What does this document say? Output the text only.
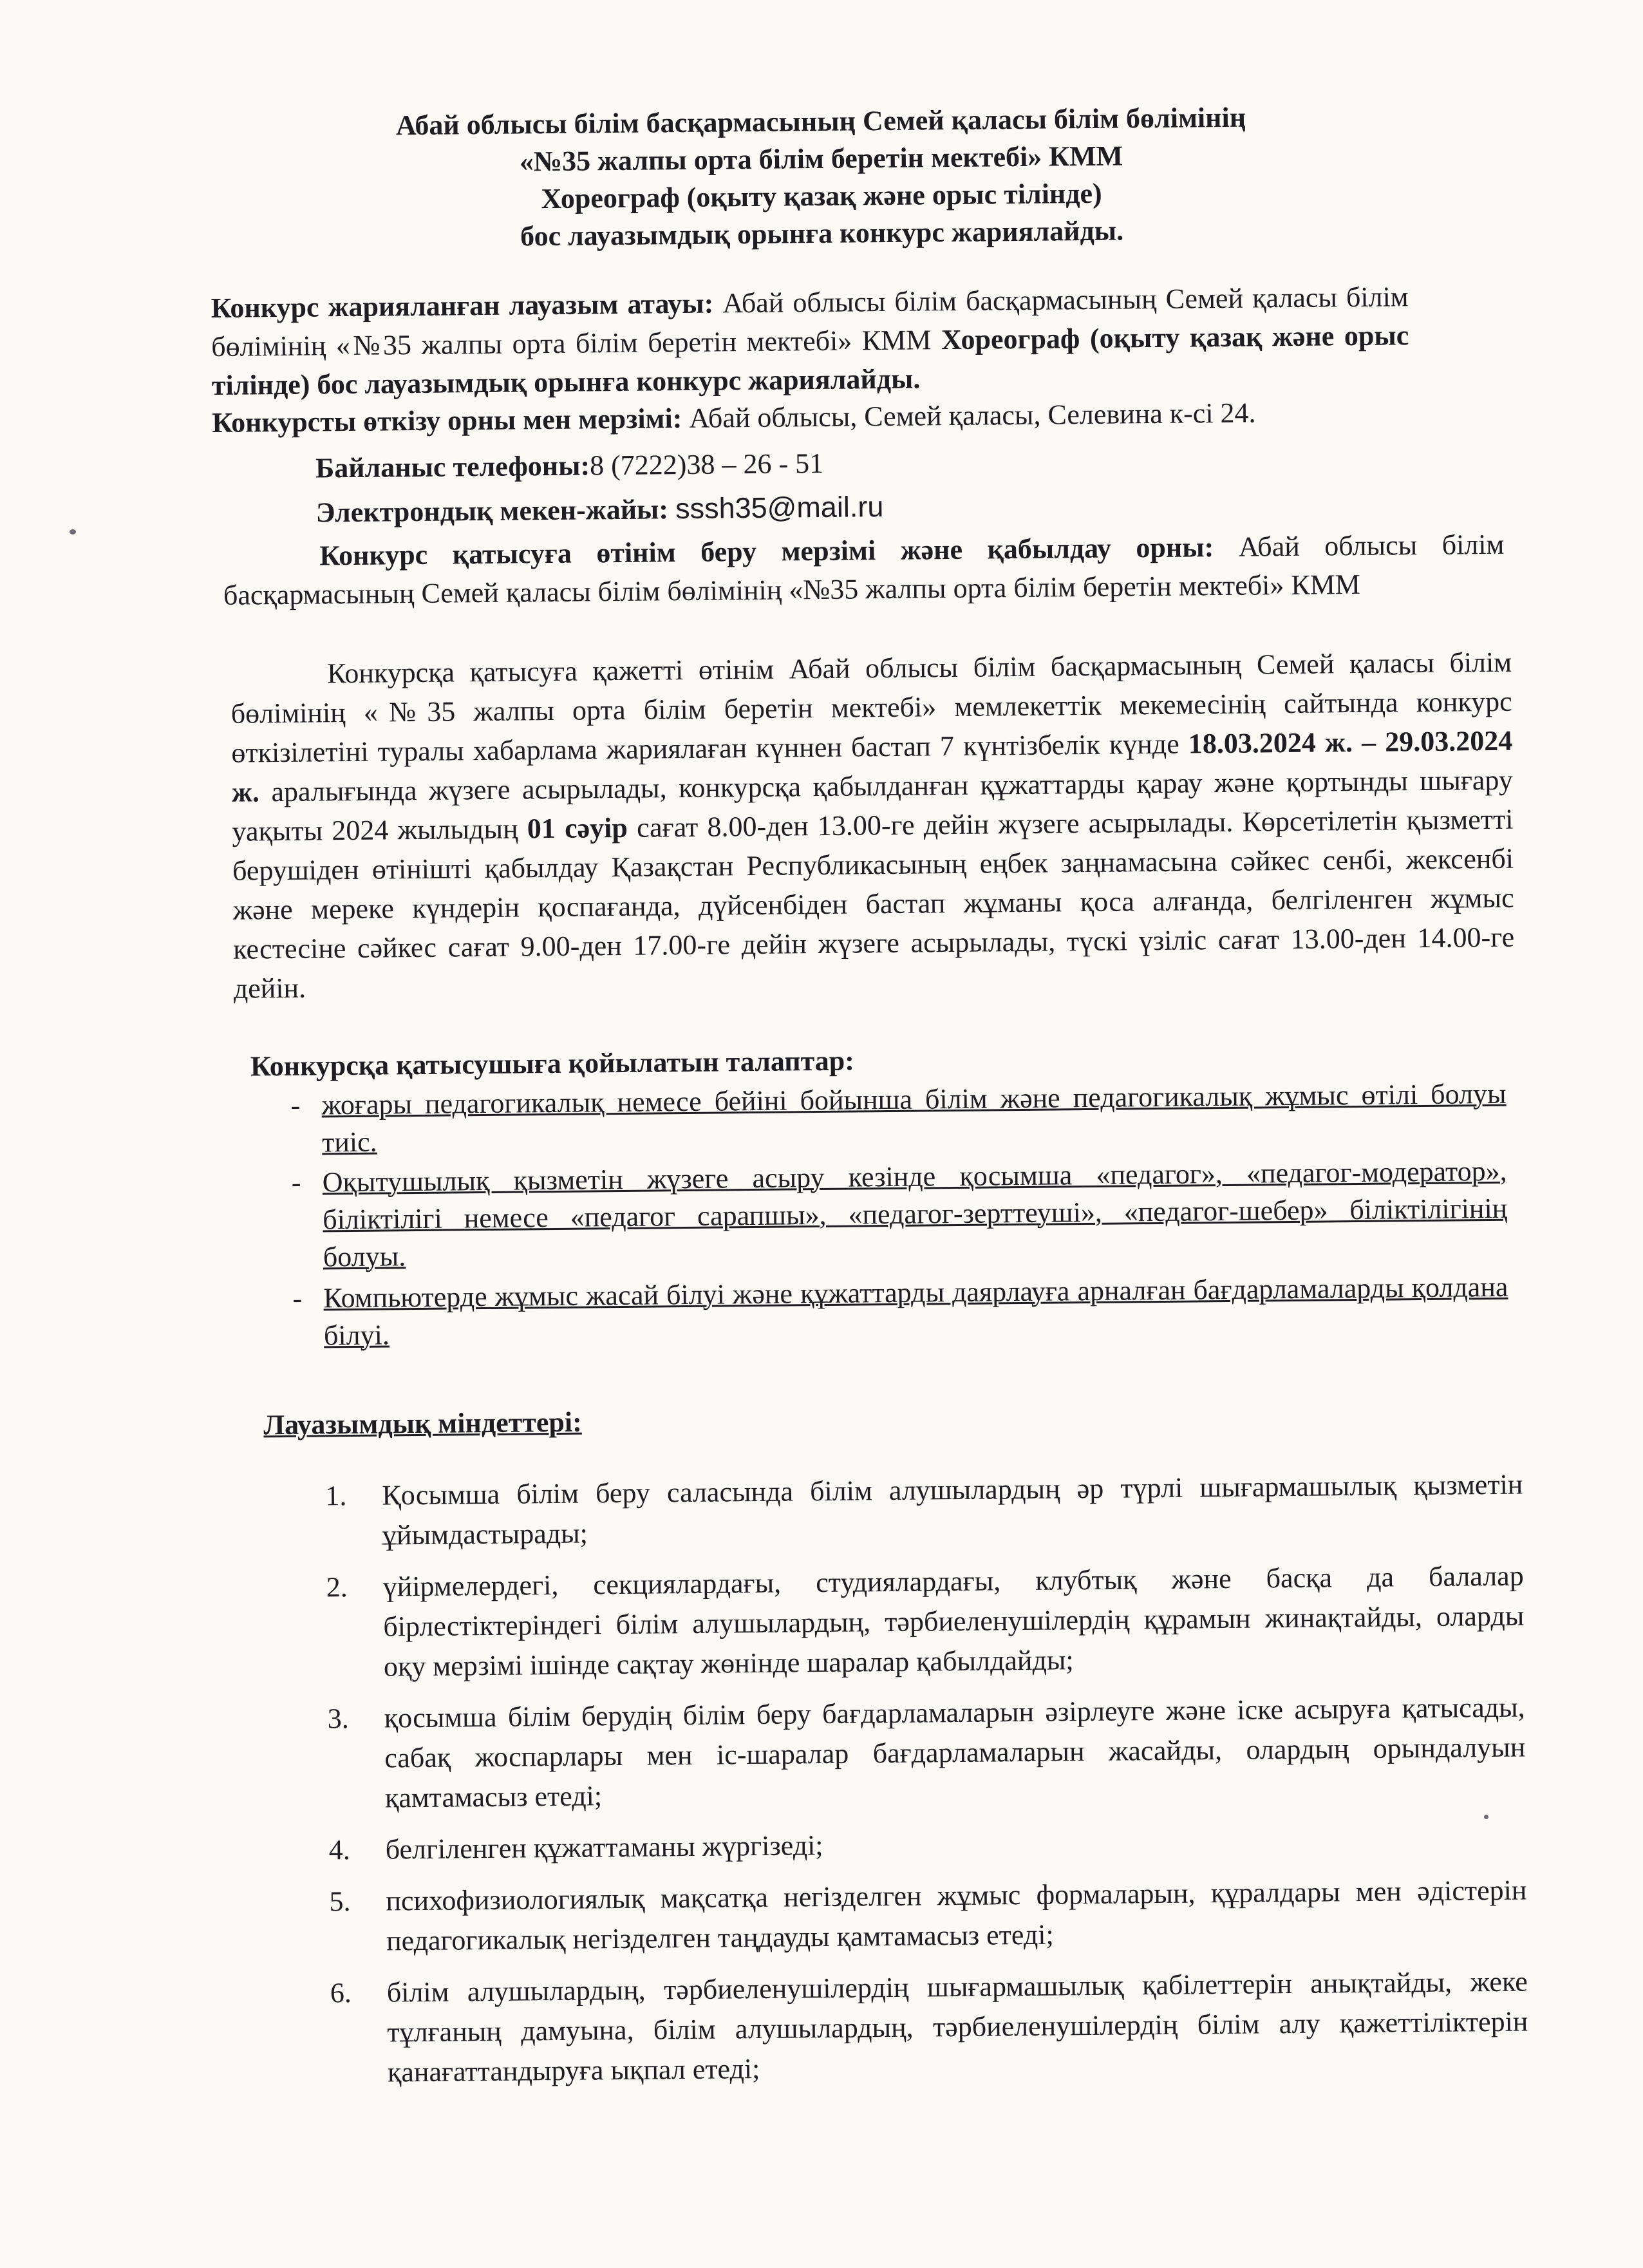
Абай облысы білім басқармасының Семей қаласы білім бөлімінің
«№35 жалпы орта білім беретін мектебі» КММ
Хореограф (оқыту қазақ және орыс тілінде)
бос лауазымдық орынға конкурс жариялайды.
Конкурс жарияланған лауазым атауы: Абай облысы білім басқармасының Семей қаласы білім бөлімінің «№35 жалпы орта білім беретін мектебі» КММ Хореограф (оқыту қазақ және орыс тілінде) бос лауазымдық орынға конкурс жариялайды.
Конкурсты өткізу орны мен мерзімі: Абай облысы, Семей қаласы, Селевина к-сі 24.
Байланыс телефоны:8 (7222)38 – 26 - 51
Электрондық мекен-жайы: sssh35@mail.ru
Конкурс қатысуға өтінім беру мерзімі және қабылдау орны: Абай облысы білім басқармасының Семей қаласы білім бөлімінің «№35 жалпы орта білім беретін мектебі» КММ
Конкурсқа қатысуға қажетті өтінім Абай облысы білім басқармасының Семей қаласы білім бөлімінің «№35 жалпы орта білім беретін мектебі» мемлекеттік мекемесінің сайтында конкурс өткізілетіні туралы хабарлама жариялаған күннен бастап 7 күнтізбелік күнде 18.03.2024 ж. – 29.03.2024 ж. аралығында жүзеге асырылады, конкурсқа қабылданған құжаттарды қарау және қортынды шығару уақыты 2024 жылыдың 01 сәуір сағат 8.00-ден 13.00-ге дейін жүзеге асырылады. Көрсетілетін қызметті берушіден өтінішті қабылдау Қазақстан Республикасының еңбек заңнамасына сәйкес сенбі, жексенбі және мереке күндерін қоспағанда, дүйсенбіден бастап жұманы қоса алғанда, белгіленген жұмыс кестесіне сәйкес сағат 9.00-ден 17.00-ге дейін жүзеге асырылады, түскі үзіліс сағат 13.00-ден 14.00-ге дейін.
Конкурсқа қатысушыға қойылатын талаптар:
- жоғары педагогикалық немесе бейіні бойынша білім және педагогикалық жұмыс өтілі болуы тиіс.
- Оқытушылық қызметін жүзеге асыру кезінде қосымша «педагог», «педагог-модератор», біліктілігі немесе «педагог сарапшы», «педагог-зерттеуші», «педагог-шебер» біліктілігінің болуы.
- Компьютерде жұмыс жасай білуі және құжаттарды даярлауға арналған бағдарламаларды қолдана білуі.
Лауазымдық міндеттері:
1. Қосымша білім беру саласында білім алушылардың әр түрлі шығармашылық қызметін ұйымдастырады;
2. үйірмелердегі, секциялардағы, студиялардағы, клубтық және басқа да балалар бірлестіктеріндегі білім алушылардың, тәрбиеленушілердің құрамын жинақтайды, оларды оқу мерзімі ішінде сақтау жөнінде шаралар қабылдайды;
3. қосымша білім берудің білім беру бағдарламаларын әзірлеуге және іске асыруға қатысады, сабақ жоспарлары мен іс-шаралар бағдарламаларын жасайды, олардың орындалуын қамтамасыз етеді;
4. белгіленген құжаттаманы жүргізеді;
5. психофизиологиялық мақсатқа негізделген жұмыс формаларын, құралдары мен әдістерін педагогикалық негізделген таңдауды қамтамасыз етеді;
6. білім алушылардың, тәрбиеленушілердің шығармашылық қабілеттерін анықтайды, жеке тұлғаның дамуына, білім алушылардың, тәрбиеленушілердің білім алу қажеттіліктерін қанағаттандыруға ықпал етеді;
